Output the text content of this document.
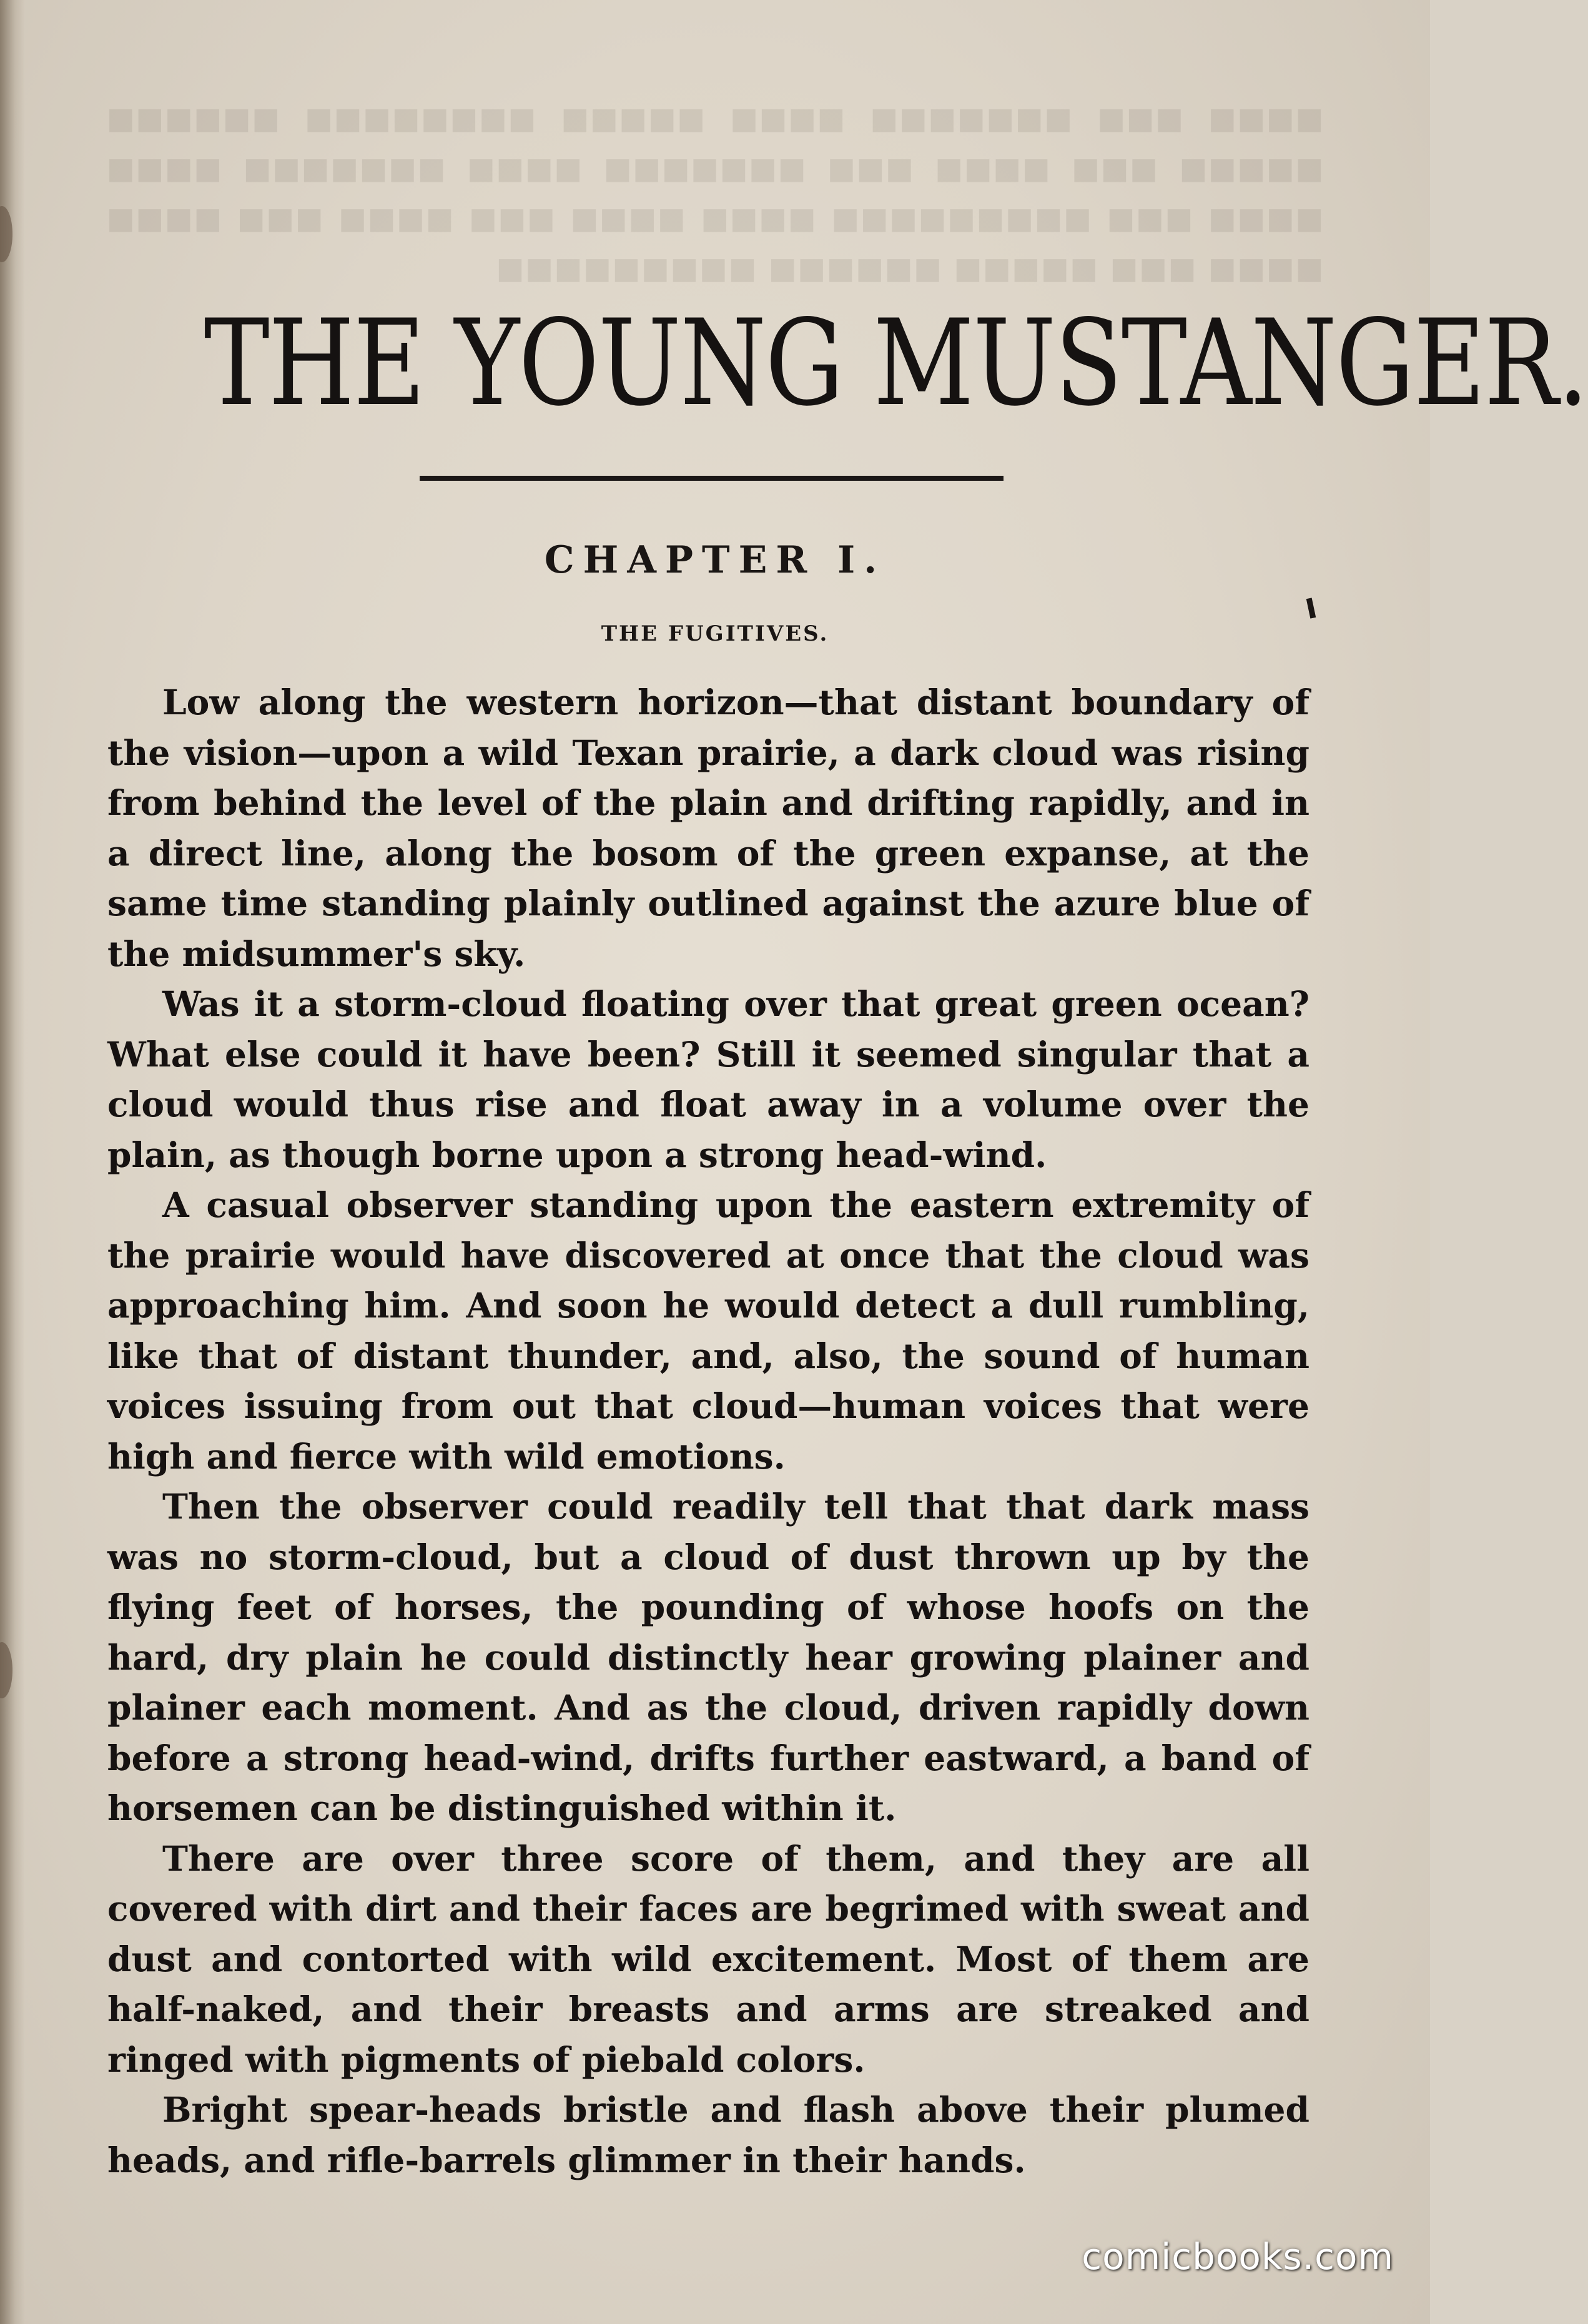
◼◼◼◼ ◼◼◼ ◼◼◼◼◼◼◼ ◼◼◼◼ ◼◼◼◼◼ ◼◼◼◼◼◼◼◼ ◼◼◼◼◼◼ ◼◼◼◼◼ ◼◼◼ ◼◼◼◼ ◼◼◼ ◼◼◼◼◼◼◼ ◼◼◼◼ ◼◼◼◼◼◼◼ ◼◼◼◼ ◼◼◼◼ ◼◼◼ ◼◼◼◼◼◼◼◼◼ ◼◼◼◼ ◼◼◼◼ ◼◼◼ ◼◼◼◼ ◼◼◼ ◼◼◼◼ ◼◼◼◼ ◼◼◼ ◼◼◼◼◼ ◼◼◼◼◼◼ ◼◼◼◼◼◼◼◼◼
THE YOUNG MUSTANGER.
CHAPTER I.
THE FUGITIVES.

Low along the western horizon—that distant boundary of the vision—upon a wild Texan prairie, a dark cloud was rising from behind the level of the plain and drifting rapidly, and in a direct line, along the bosom of the green expanse, at the same time standing plainly outlined against the azure blue of the midsummer's sky.

Was it a storm-cloud floating over that great green ocean? What else could it have been? Still it seemed singular that a cloud would thus rise and float away in a volume over the plain, as though borne upon a strong head-wind.

A casual observer standing upon the eastern extremity of the prairie would have discovered at once that the cloud was approaching him. And soon he would detect a dull rumbling, like that of distant thunder, and, also, the sound of human voices issuing from out that cloud—human voices that were high and fierce with wild emotions.

Then the observer could readily tell that that dark mass was no storm-cloud, but a cloud of dust thrown up by the flying feet of horses, the pounding of whose hoofs on the hard, dry plain he could distinctly hear growing plainer and plainer each moment. And as the cloud, driven rapidly down before a strong head-wind, drifts further eastward, a band of horsemen can be distinguished within it.

There are over three score of them, and they are all covered with dirt and their faces are begrimed with sweat and dust and contorted with wild excitement. Most of them are half-naked, and their breasts and arms are streaked and ringed with pigments of piebald colors.

Bright spear-heads bristle and flash above their plumed heads, and rifle-barrels glimmer in their hands.

comicbooks.com
